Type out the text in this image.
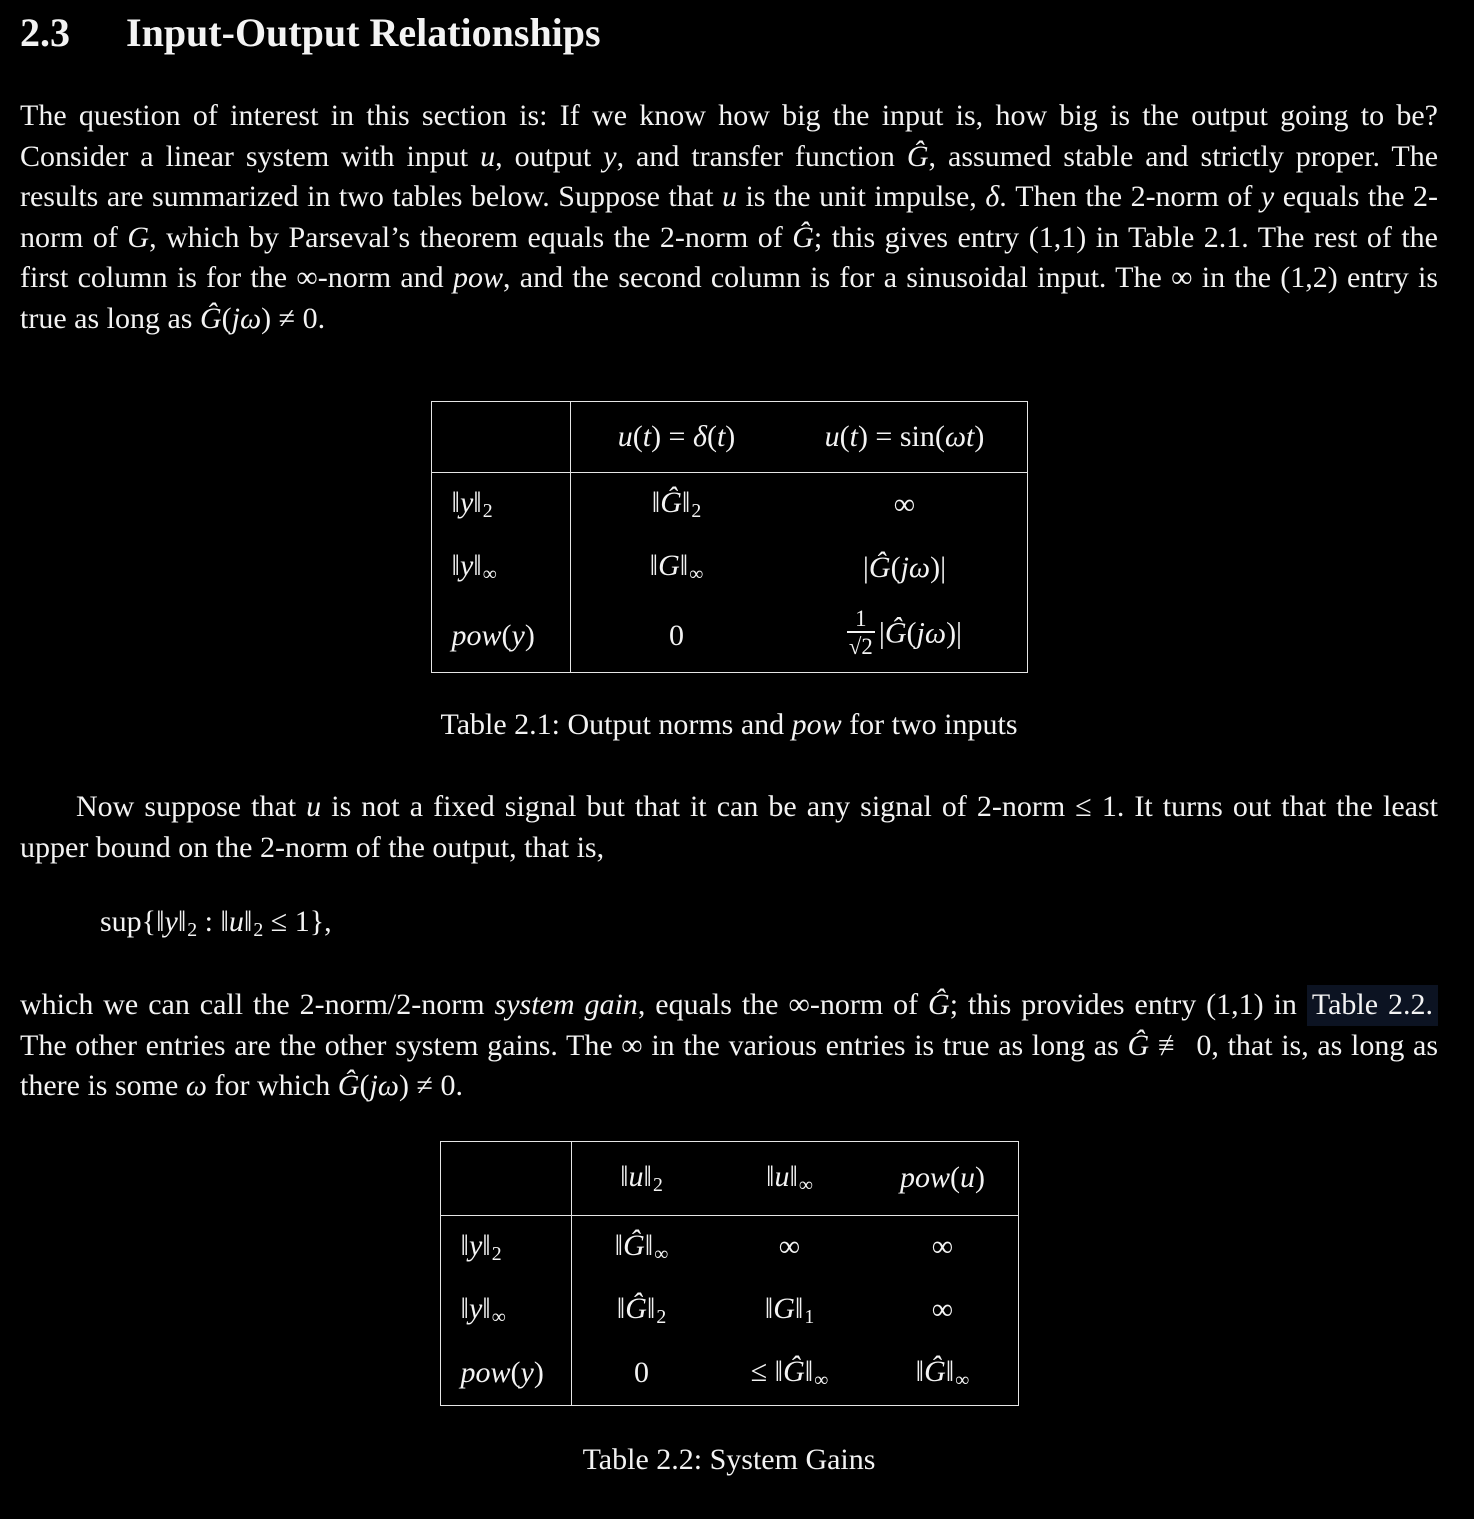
2.3 Input-Output Relationships

The question of interest in this section is: If we know how big the input is, how big is the output going to be? Consider a linear system with input u, output y, and transfer function Ĝ, assumed stable and strictly proper. The results are summarized in two tables below. Suppose that u is the unit impulse, δ. Then the 2-norm of y equals the 2-norm of G, which by Parseval’s theorem equals the 2-norm of Ĝ; this gives entry (1,1) in Table 2.1. The rest of the first column is for the ∞-norm and pow, and the second column is for a sinusoidal input. The ∞ in the (1,2) entry is true as long as Ĝ(jω) ≠ 0.

	u(t) = δ(t)	u(t) = sin(ωt)
‖y‖2	‖Ĝ‖2	∞
‖y‖∞	‖G‖∞	|Ĝ(jω)|
pow(y)	0	$\frac{1}{√2}$ |Ĝ(jω)|

Table 2.1: Output norms and pow for two inputs

Now suppose that u is not a fixed signal but that it can be any signal of 2-norm ≤ 1. It turns out that the least upper bound on the 2-norm of the output, that is,

sup{‖y‖2 : ‖u‖2 ≤ 1},

which we can call the 2-norm/2-norm system gain, equals the ∞-norm of Ĝ; this provides entry (1,1) in Table 2.2. The other entries are the other system gains. The ∞ in the various entries is true as long as Ĝ ≢ 0, that is, as long as there is some ω for which Ĝ(jω) ≠ 0.

	‖u‖2	‖u‖∞	pow(u)
‖y‖2	‖Ĝ‖∞	∞	∞
‖y‖∞	‖Ĝ‖2	‖G‖1	∞
pow(y)	0	≤ ‖Ĝ‖∞	‖Ĝ‖∞

Table 2.2: System Gains
